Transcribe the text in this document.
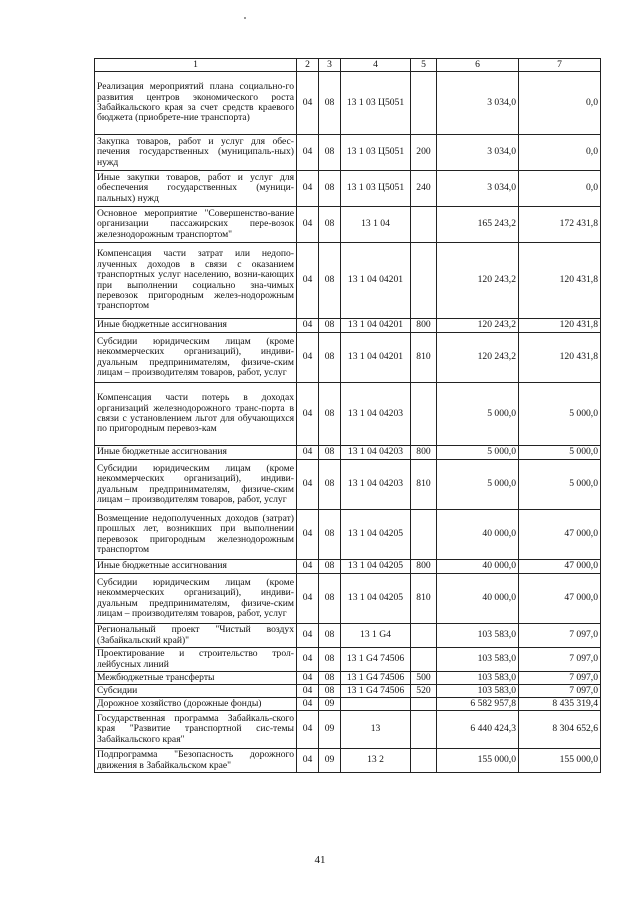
1	2	3	4	5	6	7
Реализация мероприятий плана социально-го развития центров экономического роста Забайкальского края за счет средств краевого бюджета (приобрете-ние транспорта)	04	08	13 1 03 Ц5051		3 034,0	0,0
Закупка товаров, работ и услуг для обес-печения государственных (муниципаль-ных) нужд	04	08	13 1 03 Ц5051	200	3 034,0	0,0
Иные закупки товаров, работ и услуг для обеспечения государственных (муници-пальных) нужд	04	08	13 1 03 Ц5051	240	3 034,0	0,0
Основное мероприятие "Совершенство-вание организации пассажирских пере-возок железнодорожным транспортом"	04	08	13 1 04		165 243,2	172 431,8
Компенсация части затрат или недопо-лученных доходов в связи с оказанием транспортных услуг населению, возни-кающих при выполнении социально зна-чимых перевозок пригородным желез-нодорожным транспортом	04	08	13 1 04 04201		120 243,2	120 431,8
Иные бюджетные ассигнования	04	08	13 1 04 04201	800	120 243,2	120 431,8
Субсидии юридическим лицам (кроме некоммерческих организаций), индиви-дуальным предпринимателям, физиче-ским лицам – производителям товаров, работ, услуг	04	08	13 1 04 04201	810	120 243,2	120 431,8
Компенсация части потерь в доходах организаций железнодорожного транс-порта в связи с установлением льгот для обучающихся по пригородным перевоз-кам	04	08	13 1 04 04203		5 000,0	5 000,0
Иные бюджетные ассигнования	04	08	13 1 04 04203	800	5 000,0	5 000,0
Субсидии юридическим лицам (кроме некоммерческих организаций), индиви-дуальным предпринимателям, физиче-ским лицам – производителям товаров, работ, услуг	04	08	13 1 04 04203	810	5 000,0	5 000,0
Возмещение недополученных доходов (затрат) прошлых лет, возникших при выполнении перевозок пригородным железнодорожным транспортом	04	08	13 1 04 04205		40 000,0	47 000,0
Иные бюджетные ассигнования	04	08	13 1 04 04205	800	40 000,0	47 000,0
Субсидии юридическим лицам (кроме некоммерческих организаций), индиви-дуальным предпринимателям, физиче-ским лицам – производителям товаров, работ, услуг	04	08	13 1 04 04205	810	40 000,0	47 000,0
Региональный проект "Чистый воздух (Забайкальский край)"	04	08	13 1 G4		103 583,0	7 097,0
Проектирование и строительство трол-лейбусных линий	04	08	13 1 G4 74506		103 583,0	7 097,0
Межбюджетные трансферты	04	08	13 1 G4 74506	500	103 583,0	7 097,0
Субсидии	04	08	13 1 G4 74506	520	103 583,0	7 097,0
Дорожное хозяйство (дорожные фонды)	04	09			6 582 957,8	8 435 319,4
Государственная программа Забайкаль-ского края "Развитие транспортной сис-темы Забайкальского края"	04	09	13		6 440 424,3	8 304 652,6
Подпрограмма "Безопасность дорожного движения в Забайкальском крае"	04	09	13 2		155 000,0	155 000,0
41
